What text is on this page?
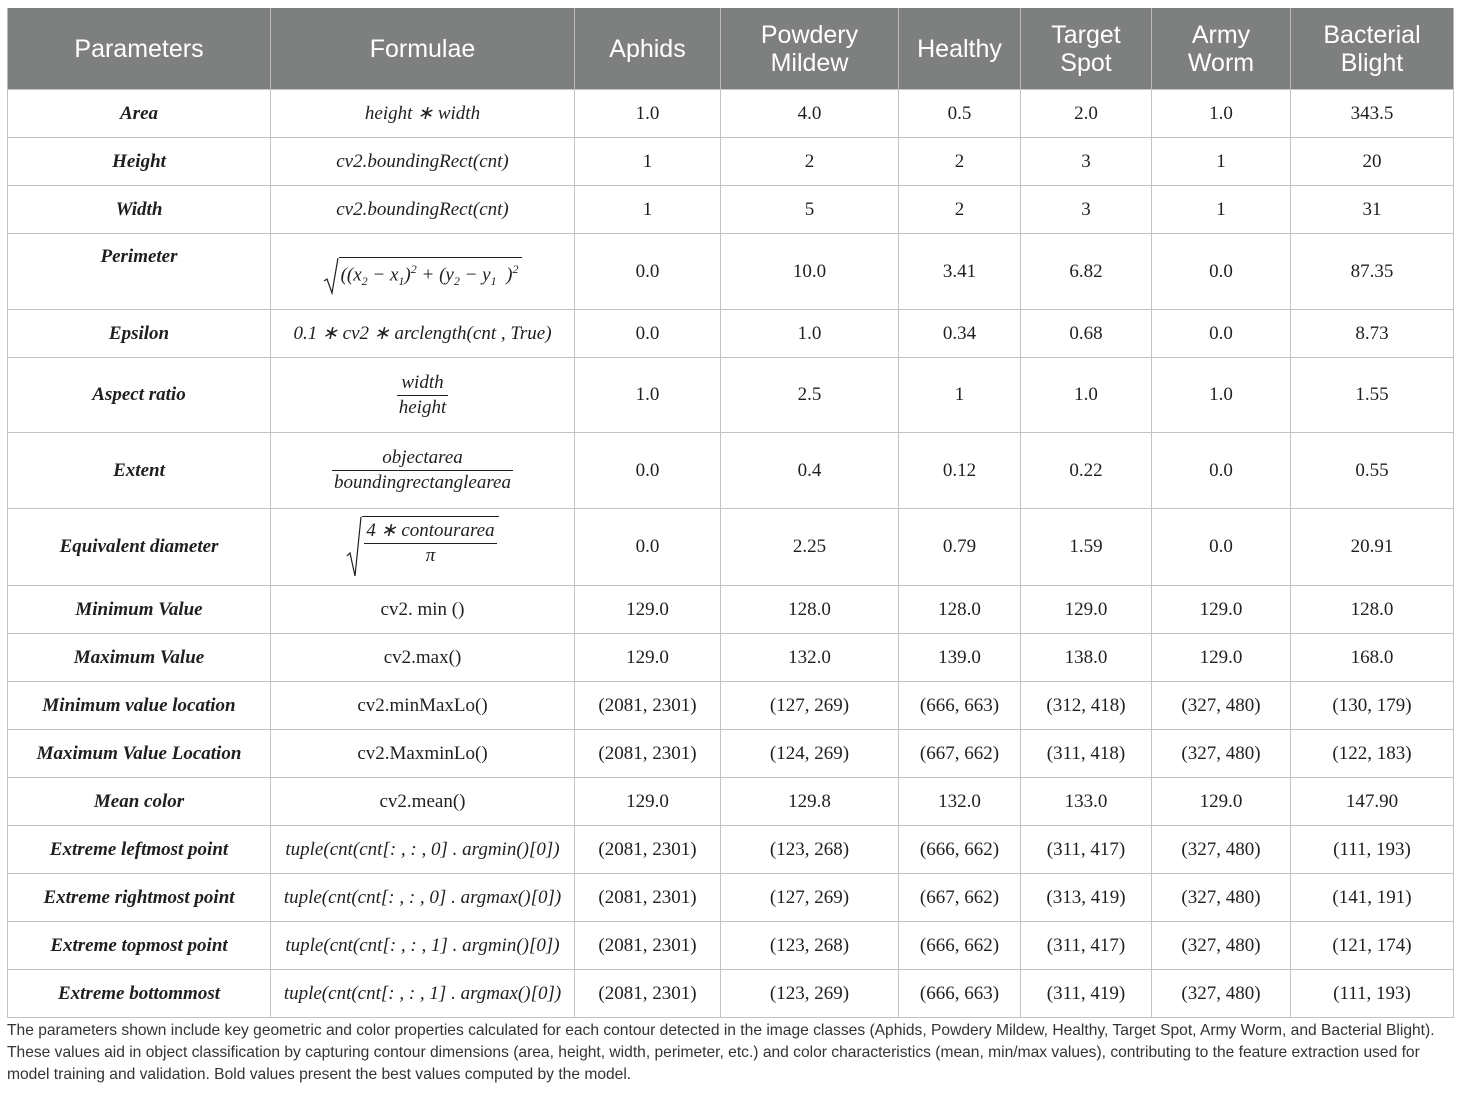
Parameters	Formulae	Aphids	Powdery Mildew	Healthy	Target Spot	Army Worm	Bacterial Blight
Area	height ∗ width	1.0	4.0	0.5	2.0	1.0	343.5
Height	cv2.boundingRect(cnt)	1	2	2	3	1	20
Width	cv2.boundingRect(cnt)	1	5	2	3	1	31
Perimeter	($(x_2 - x_1)^2 + (y_2 - y_1$  )$^2$	0.0	10.0	3.41	6.82	0.0	87.35
Epsilon	0.1 ∗ cv2 ∗ arclength(cnt , True)	0.0	1.0	0.34	0.68	0.0	8.73
Aspect ratio	$\frac{\text{width}}{\text{height}}$	1.0	2.5	1	1.0	1.0	1.55
Extent	$\frac{\text{objectarea}}{\text{boundingrectanglearea}}$	0.0	0.4	0.12	0.22	0.0	0.55
Equivalent diameter	$\frac{\text{4 ∗ contourarea}}{\pi}$	0.0	2.25	0.79	1.59	0.0	20.91
Minimum Value	cv2. min ()	129.0	128.0	128.0	129.0	129.0	128.0
Maximum Value	cv2.max()	129.0	132.0	139.0	138.0	129.0	168.0
Minimum value location	cv2.minMaxLo()	(2081, 2301)	(127, 269)	(666, 663)	(312, 418)	(327, 480)	(130, 179)
Maximum Value Location	cv2.MaxminLo()	(2081, 2301)	(124, 269)	(667, 662)	(311, 418)	(327, 480)	(122, 183)
Mean color	cv2.mean()	129.0	129.8	132.0	133.0	129.0	147.90
Extreme leftmost point	tuple(cnt(cnt[: , : , 0] . argmin()[0])	(2081, 2301)	(123, 268)	(666, 662)	(311, 417)	(327, 480)	(111, 193)
Extreme rightmost point	tuple(cnt(cnt[: , : , 0] . argmax()[0])	(2081, 2301)	(127, 269)	(667, 662)	(313, 419)	(327, 480)	(141, 191)
Extreme topmost point	tuple(cnt(cnt[: , : , 1] . argmin()[0])	(2081, 2301)	(123, 268)	(666, 662)	(311, 417)	(327, 480)	(121, 174)
Extreme bottommost	tuple(cnt(cnt[: , : , 1] . argmax()[0])	(2081, 2301)	(123, 269)	(666, 663)	(311, 419)	(327, 480)	(111, 193)

The parameters shown include key geometric and color properties calculated for each contour detected in the image classes (Aphids, Powdery Mildew, Healthy, Target Spot, Army Worm, and Bacterial Blight). These values aid in object classification by capturing contour dimensions (area, height, width, perimeter, etc.) and color characteristics (mean, min/max values), contributing to the feature extraction used for model training and validation. Bold values present the best values computed by the model.
